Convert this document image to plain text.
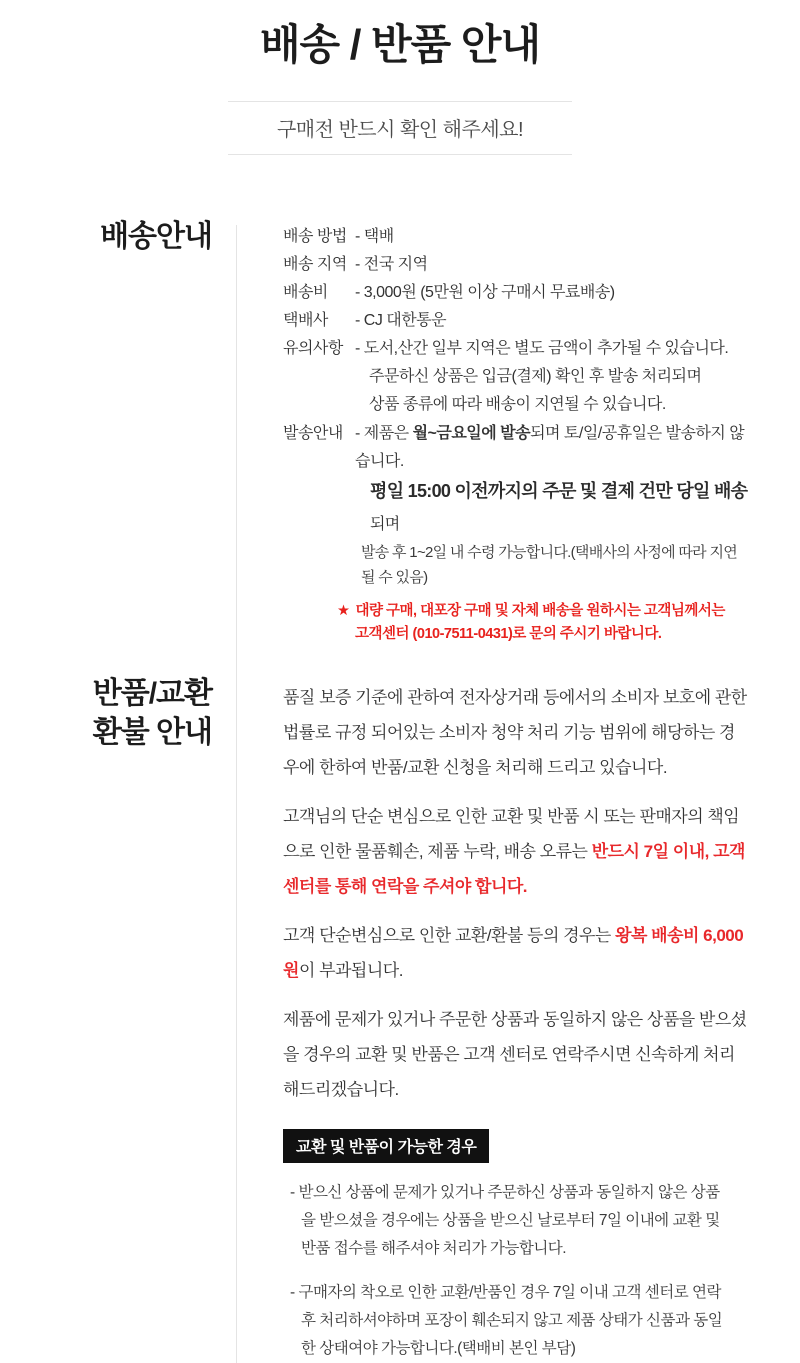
배송 / 반품 안내
구매전 반드시 확인 해주세요!
배송안내	배송 방법 - 택배
배송 지역 - 전국 지역
배송비	- 3,000원 (5만원 이상 구매시 무료배송)
택배사	- CJ 대한통운
유의사항 - 도서,산간 일부 지역은 별도 금액이 추가될 수 있습니다.
주문하신 상품은 입금(결제) 확인 후 발송 처리되며
상품 종류에 따라 배송이 지연될 수 있습니다.
발송안내 - 제품은 월~금요일에 발송되며 토/일/공휴일은 발송하지 않습니다.
평일 15:00 이전까지의 주문 및 결제 건만 당일 배송 되며
발송 후 1~2일 내 수령 가능합니다.(택배사의 사정에 따라 지연될 수 있음)
★ 대량 구매, 대포장 구매 및 자체 배송을 원하시는 고객님께서는
고객센터 (010-7511-0431)로 문의 주시기 바랍니다.
반품/교환
환불 안내

품질 보증 기준에 관하여 전자상거래 등에서의 소비자 보호에 관한 법률로 규정 되어있는 소비자 청약 처리 기능 범위에 해당하는 경우에 한하여 반품/교환 신청을 처리해 드리고 있습니다.

고객님의 단순 변심으로 인한 교환 및 반품 시 또는 판매자의 책임으로 인한 물품훼손, 제품 누락, 배송 오류는 반드시 7일 이내, 고객 센터를 통해 연락을 주셔야 합니다.

고객 단순변심으로 인한 교환/환불 등의 경우는 왕복 배송비 6,000원이 부과됩니다.

제품에 문제가 있거나 주문한 상품과 동일하지 않은 상품을 받으셨을 경우의 교환 및 반품은 고객 센터로 연락주시면 신속하게 처리해드리겠습니다.

교환 및 반품이 가능한 경우
- 받으신 상품에 문제가 있거나 주문하신 상품과 동일하지 않은 상품을 받으셨을 경우에는 상품을 받으신 날로부터 7일 이내에 교환 및 반품 접수를 해주셔야 처리가 가능합니다.
- 구매자의 착오로 인한 교환/반품인 경우 7일 이내 고객 센터로 연락 후 처리하셔야하며 포장이 훼손되지 않고 제품 상태가 신품과 동일한 상태여야 가능합니다.(택배비 본인 부담)
